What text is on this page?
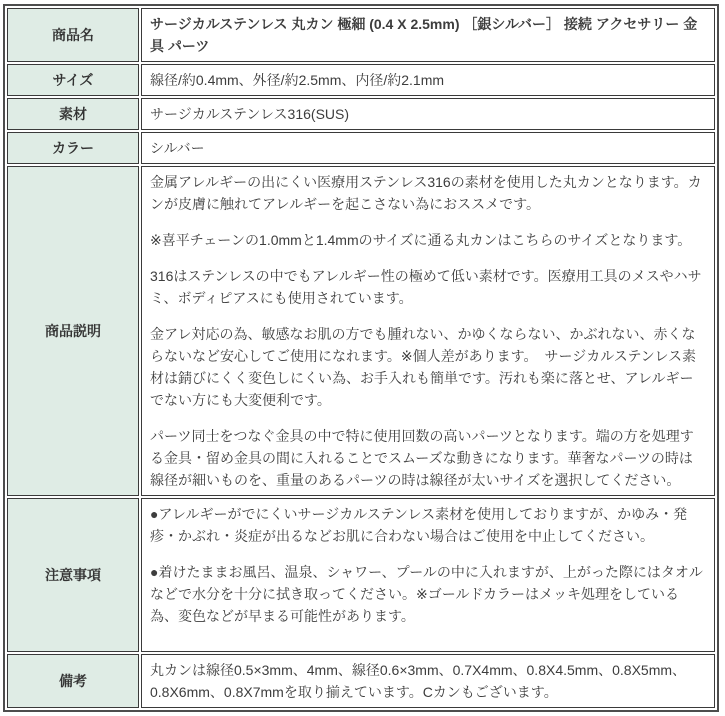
商品名	サージカルステンレス 丸カン 極細 (0.4 X 2.5mm) ［銀シルバー］ 接続 アクセサリー 金具 パーツ

サイズ	線径/約0.4mm、外径/約2.5mm、内径/約2.1mm

素材	サージカルステンレス316(SUS)

カラー	シルバー

商品説明	金属アレルギーの出にくい医療用ステンレス316の素材を使用した丸カンとなります。カンが皮膚に触れてアレルギーを起こさない為におススメです。

※喜平チェーンの1.0mmと1.4mmのサイズに通る丸カンはこちらのサイズとなります。

316はステンレスの中でもアレルギー性の極めて低い素材です。医療用工具のメスやハサミ、ボディピアスにも使用されています。

金アレ対応の為、敏感なお肌の方でも腫れない、かゆくならない、かぶれない、赤くならないなど安心してご使用になれます。※個人差があります。　サージカルステンレス素材は錆びにくく変色しにくい為、お手入れも簡単です。汚れも楽に落とせ、アレルギーでない方にも大変便利です。

パーツ同士をつなぐ金具の中で特に使用回数の高いパーツとなります。端の方を処理する金具・留め金具の間に入れることでスムーズな動きになります。華奢なパーツの時は線径が細いものを、重量のあるパーツの時は線径が太いサイズを選択してください。

注意事項	●アレルギーがでにくいサージカルステンレス素材を使用しておりますが、かゆみ・発疹・かぶれ・炎症が出るなどお肌に合わない場合はご使用を中止してください。

●着けたままお風呂、温泉、シャワー、プールの中に入れますが、上がった際にはタオルなどで水分を十分に拭き取ってください。※ゴールドカラーはメッキ処理をしている為、変色などが早まる可能性があります。

備考	丸カンは線径0.5×3mm、4mm、線径0.6×3mm、0.7X4mm、0.8X4.5mm、0.8X5mm、0.8X6mm、0.8X7mmを取り揃えています。Cカンもございます。
